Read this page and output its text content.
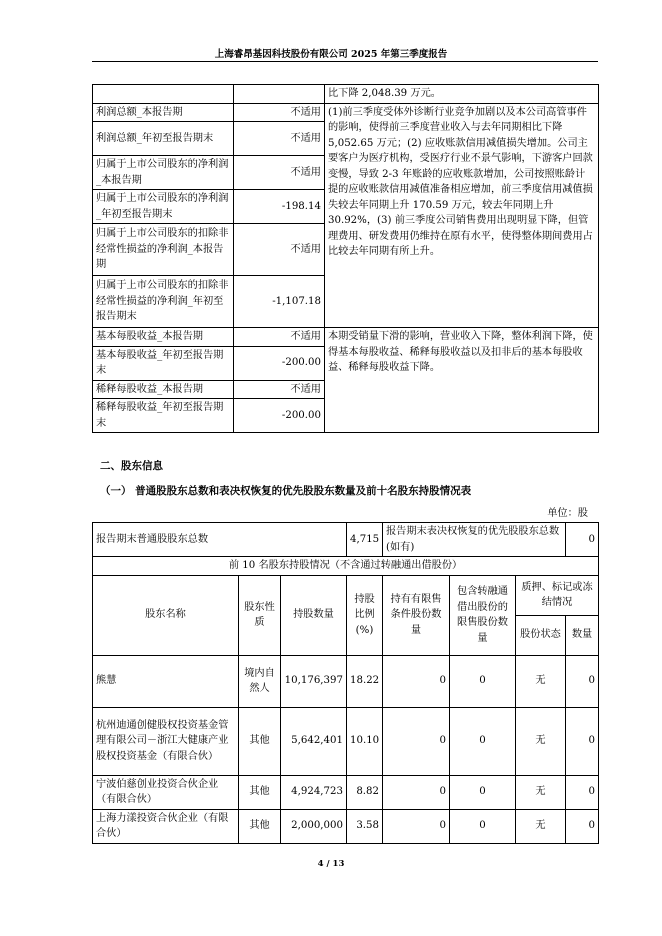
上海睿昂基因科技股份有限公司 2025 年第三季度报告
		比下降 2,048.39 万元。
利润总额_本报告期	不适用	(1)前三季度受体外诊断行业竞争加剧以及本公司高管事件的影响，使得前三季度营业收入与去年同期相比下降 5,052.65 万元；(2) 应收账款信用减值损失增加。公司主要客户为医疗机构，受医疗行业不景气影响，下游客户回款变慢，导致 2-3 年账龄的应收账款增加，公司按照账龄计提的应收账款信用减值准备相应增加，前三季度信用减值损失较去年同期上升 170.59 万元，较去年同期上升 30.92%，(3) 前三季度公司销售费用出现明显下降，但管理费用、研发费用仍维持在原有水平，使得整体期间费用占比较去年同期有所上升。
利润总额_年初至报告期末	不适用	
归属于上市公司股东的净利润_本报告期	不适用	
归属于上市公司股东的净利润_年初至报告期末	-198.14	
归属于上市公司股东的扣除非经常性损益的净利润_本报告期	不适用	
归属于上市公司股东的扣除非经常性损益的净利润_年初至报告期末	-1,107.18	
基本每股收益_本报告期	不适用	本期受销量下滑的影响，营业收入下降，整体利润下降，使得基本每股收益、稀释每股收益以及扣非后的基本每股收益、稀释每股收益下降。
基本每股收益_年初至报告期末	-200.00	
稀释每股收益_本报告期	不适用	
稀释每股收益_年初至报告期末	-200.00	
二、股东信息
（一） 普通股股东总数和表决权恢复的优先股股东数量及前十名股东持股情况表
单位：股
报告期末普通股股东总数			4,715	报告期末表决权恢复的优先股股东总数(如有)			0
前 10 名股东持股情况（不含通过转融通出借股份）							
股东名称	股东性质	持股数量	持股比例(%)	持有有限售条件股份数量	包含转融通借出股份的限售股份数量	质押、标记或冻结情况	
						股份状态	数量
熊慧	境内自然人	10,176,397	18.22	0	0	无	0
杭州迪通创健股权投资基金管理有限公司－浙江大健康产业股权投资基金（有限合伙）	其他	5,642,401	10.10	0	0	无	0
宁波伯慈创业投资合伙企业（有限合伙）	其他	4,924,723	8.82	0	0	无	0
上海力漾投资合伙企业（有限合伙）	其他	2,000,000	3.58	0	0	无	0
4 / 13
